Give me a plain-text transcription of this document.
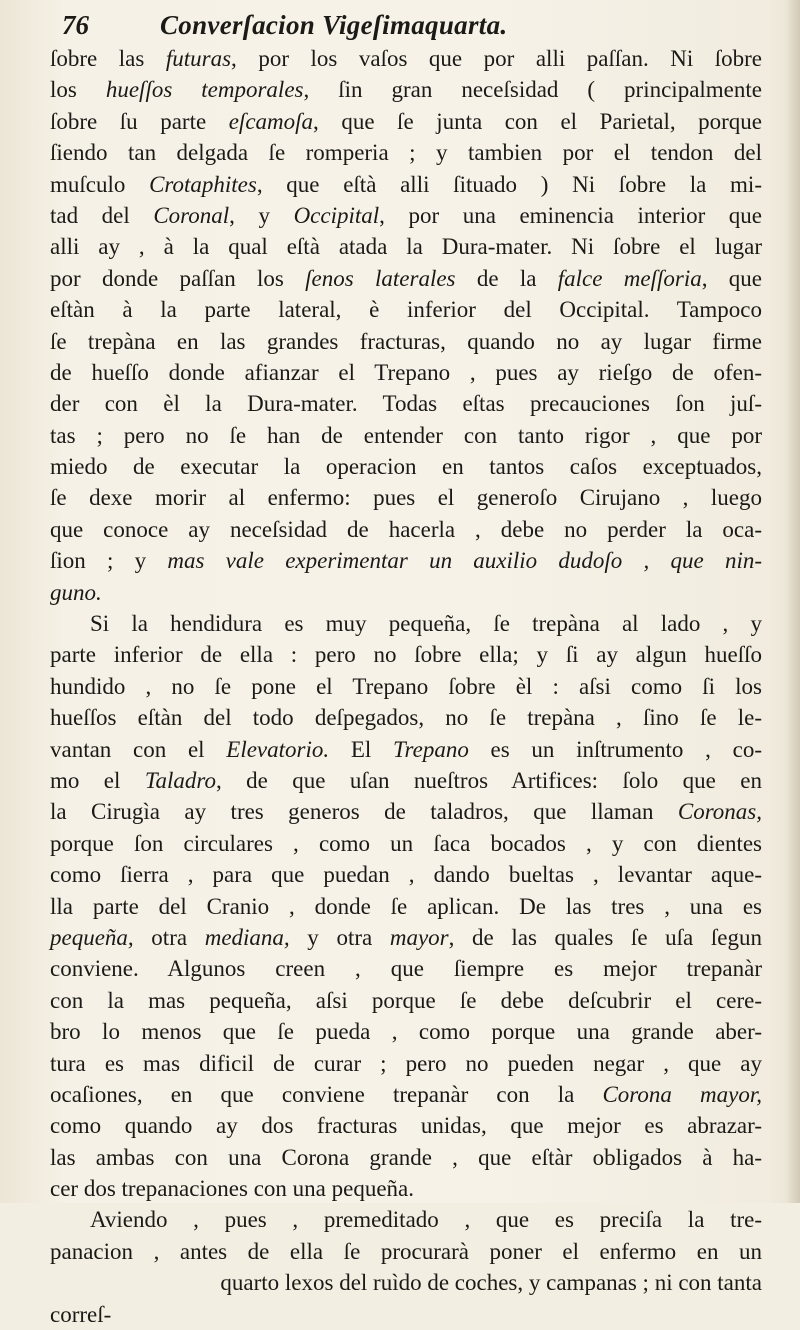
76	Converſacion Vigeſimaquarta.
ſobre las futuras, por los vaſos que por alli paſſan. Ni ſobre
los hueſſos temporales, ſin gran neceſsidad ( principalmente
ſobre ſu parte eſcamoſa, que ſe junta con el Parietal, porque
ſiendo tan delgada ſe romperia ; y tambien por el tendon del
muſculo Crotaphites, que eſtà alli ſituado ) Ni ſobre la mi-
tad del Coronal, y Occipital, por una eminencia interior que
alli ay , à la qual eſtà atada la Dura-mater. Ni ſobre el lugar
por donde paſſan los ſenos laterales de la falce meſſoria, que
eſtàn à la parte lateral, è inferior del Occipital. Tampoco
ſe trepàna en las grandes fracturas, quando no ay lugar firme
de hueſſo donde afianzar el Trepano , pues ay rieſgo de ofen-
der con èl la Dura-mater. Todas eſtas precauciones ſon juſ-
tas ; pero no ſe han de entender con tanto rigor , que por
miedo de executar la operacion en tantos caſos exceptuados,
ſe dexe morir al enfermo: pues el generoſo Cirujano , luego
que conoce ay neceſsidad de hacerla , debe no perder la oca-
ſion ; y mas vale experimentar un auxilio dudoſo , que nin-
guno.
Si la hendidura es muy pequeña, ſe trepàna al lado , y
parte inferior de ella : pero no ſobre ella; y ſi ay algun hueſſo
hundido , no ſe pone el Trepano ſobre èl : aſsi como ſi los
hueſſos eſtàn del todo deſpegados, no ſe trepàna , ſino ſe le-
vantan con el Elevatorio. El Trepano es un inſtrumento , co-
mo el Taladro, de que uſan nueſtros Artifices: ſolo que en
la Cirugìa ay tres generos de taladros, que llaman Coronas,
porque ſon circulares , como un ſaca bocados , y con dientes
como ſierra , para que puedan , dando bueltas , levantar aque-
lla parte del Cranio , donde ſe aplican. De las tres , una es
pequeña, otra mediana, y otra mayor, de las quales ſe uſa ſegun
conviene. Algunos creen , que ſiempre es mejor trepanàr
con la mas pequeña, aſsi porque ſe debe deſcubrir el cere-
bro lo menos que ſe pueda , como porque una grande aber-
tura es mas dificil de curar ; pero no pueden negar , que ay
ocaſiones, en que conviene trepanàr con la Corona mayor,
como quando ay dos fracturas unidas, que mejor es abrazar-
las ambas con una Corona grande , que eſtàr obligados à ha-
cer dos trepanaciones con una pequeña.
Aviendo , pues , premeditado , que es preciſa la tre-
panacion , antes de ella ſe procurarà poner el enfermo en un
quarto lexos del ruìdo de coches, y campanas ; ni con tanta
correſ-
